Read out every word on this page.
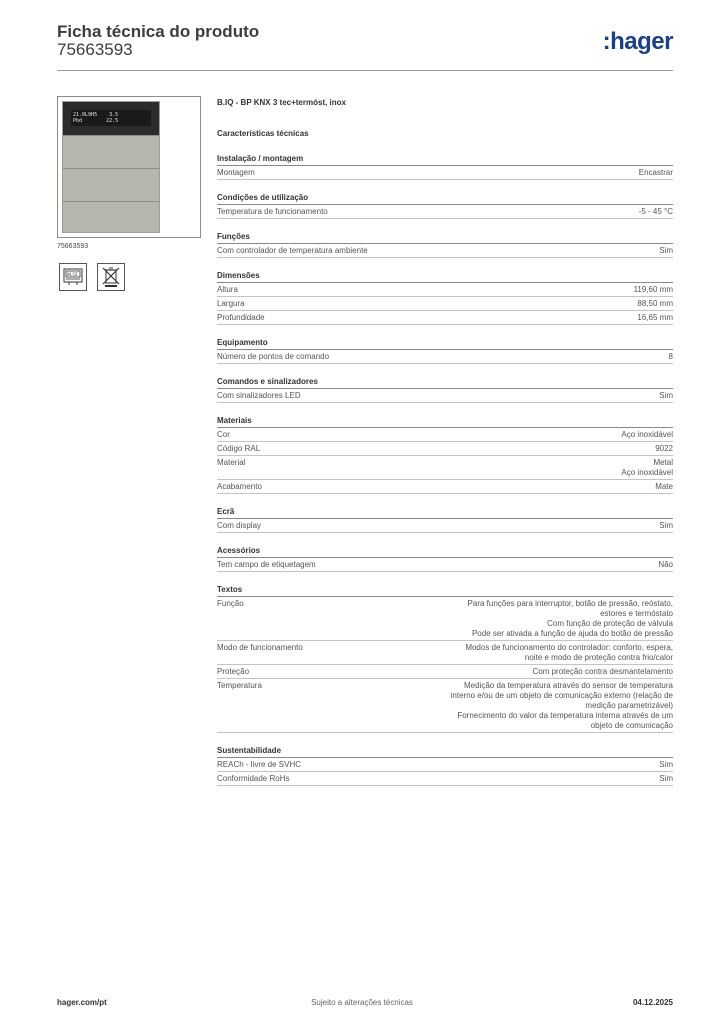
Ficha técnica do produto
75663593	:hager
21.0L9H5    3.5
Pbd        22.5
75663593
IN.CE
B.IQ - BP KNX 3 tec+termóst, inox
Características técnicas
Instalação / montagem
Montagem	Encastrar
Condições de utilização
Temperatura de funcionamento	-5 - 45 °C
Funções
Com controlador de temperatura ambiente	Sim
Dimensões
Altura	119,60 mm
Largura	88,50 mm
Profundidade	16,65 mm
Equipamento
Número de pontos de comando	8
Comandos e sinalizadores
Com sinalizadores LED	Sim
Materiais
Cor	Aço inoxidável
Código RAL	9022
Material	Metal
Aço inoxidável
Acabamento	Mate
Ecrã
Com display	Sim
Acessórios
Tem campo de etiquetagem	Não
Textos
Função	Para funções para interruptor, botão de pressão, reóstato,
estores e termóstato
Com função de proteção de válvula
Pode ser ativada a função de ajuda do botão de pressão
Modo de funcionamento	Modos de funcionamento do controlador: conforto, espera,
noite e modo de proteção contra frio/calor
Proteção	Com proteção contra desmantelamento
Temperatura	Medição da temperatura através do sensor de temperatura
interno e/ou de um objeto de comunicação externo (relação de
medição parametrizável)
Fornecimento do valor da temperatura interna através de um
objeto de comunicação
Sustentabilidade
REACh - livre de SVHC	Sim
Conformidade RoHs	Sim
hager.com/pt	Sujeito a alterações técnicas	04.12.2025
